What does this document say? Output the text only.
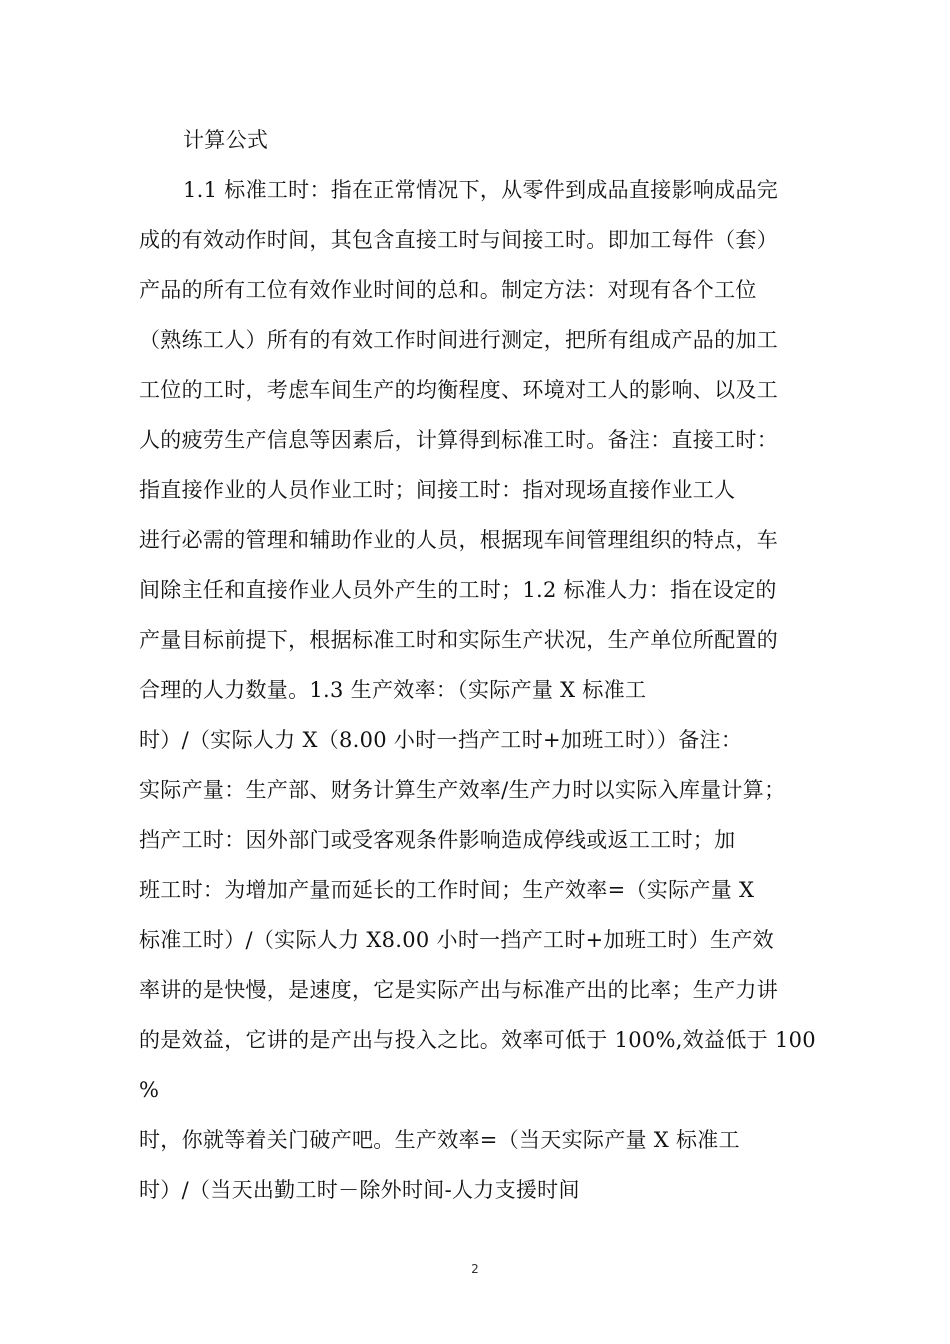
计算公式
1.1 标准工时：指在正常情况下，从零件到成品直接影响成品完
成的有效动作时间，其包含直接工时与间接工时。即加工每件（套）
产品的所有工位有效作业时间的总和。制定方法：对现有各个工位
（熟练工人）所有的有效工作时间进行测定，把所有组成产品的加工
工位的工时，考虑车间生产的均衡程度、环境对工人的影响、以及工
人的疲劳生产信息等因素后，计算得到标准工时。备注：直接工时：
指直接作业的人员作业工时；间接工时：指对现场直接作业工人
进行必需的管理和辅助作业的人员，根据现车间管理组织的特点，车
间除主任和直接作业人员外产生的工时；1.2 标准人力：指在设定的
产量目标前提下，根据标准工时和实际生产状况，生产单位所配置的
合理的人力数量。1.3 生产效率：（实际产量 X 标准工
时）/（实际人力 X（8.00 小时一挡产工时+加班工时））备注：
实际产量：生产部、财务计算生产效率/生产力时以实际入库量计算；
挡产工时：因外部门或受客观条件影响造成停线或返工工时；加
班工时：为增加产量而延长的工作时间；生产效率=（实际产量 X
标准工时）/（实际人力 X8.00 小时一挡产工时+加班工时）生产效
率讲的是快慢，是速度，它是实际产出与标准产出的比率；生产力讲
的是效益，它讲的是产出与投入之比。效率可低于 100%,效益低于 100
%
时，你就等着关门破产吧。生产效率=（当天实际产量 X 标准工
时）/（当天出勤工时－除外时间-人力支援时间
2
